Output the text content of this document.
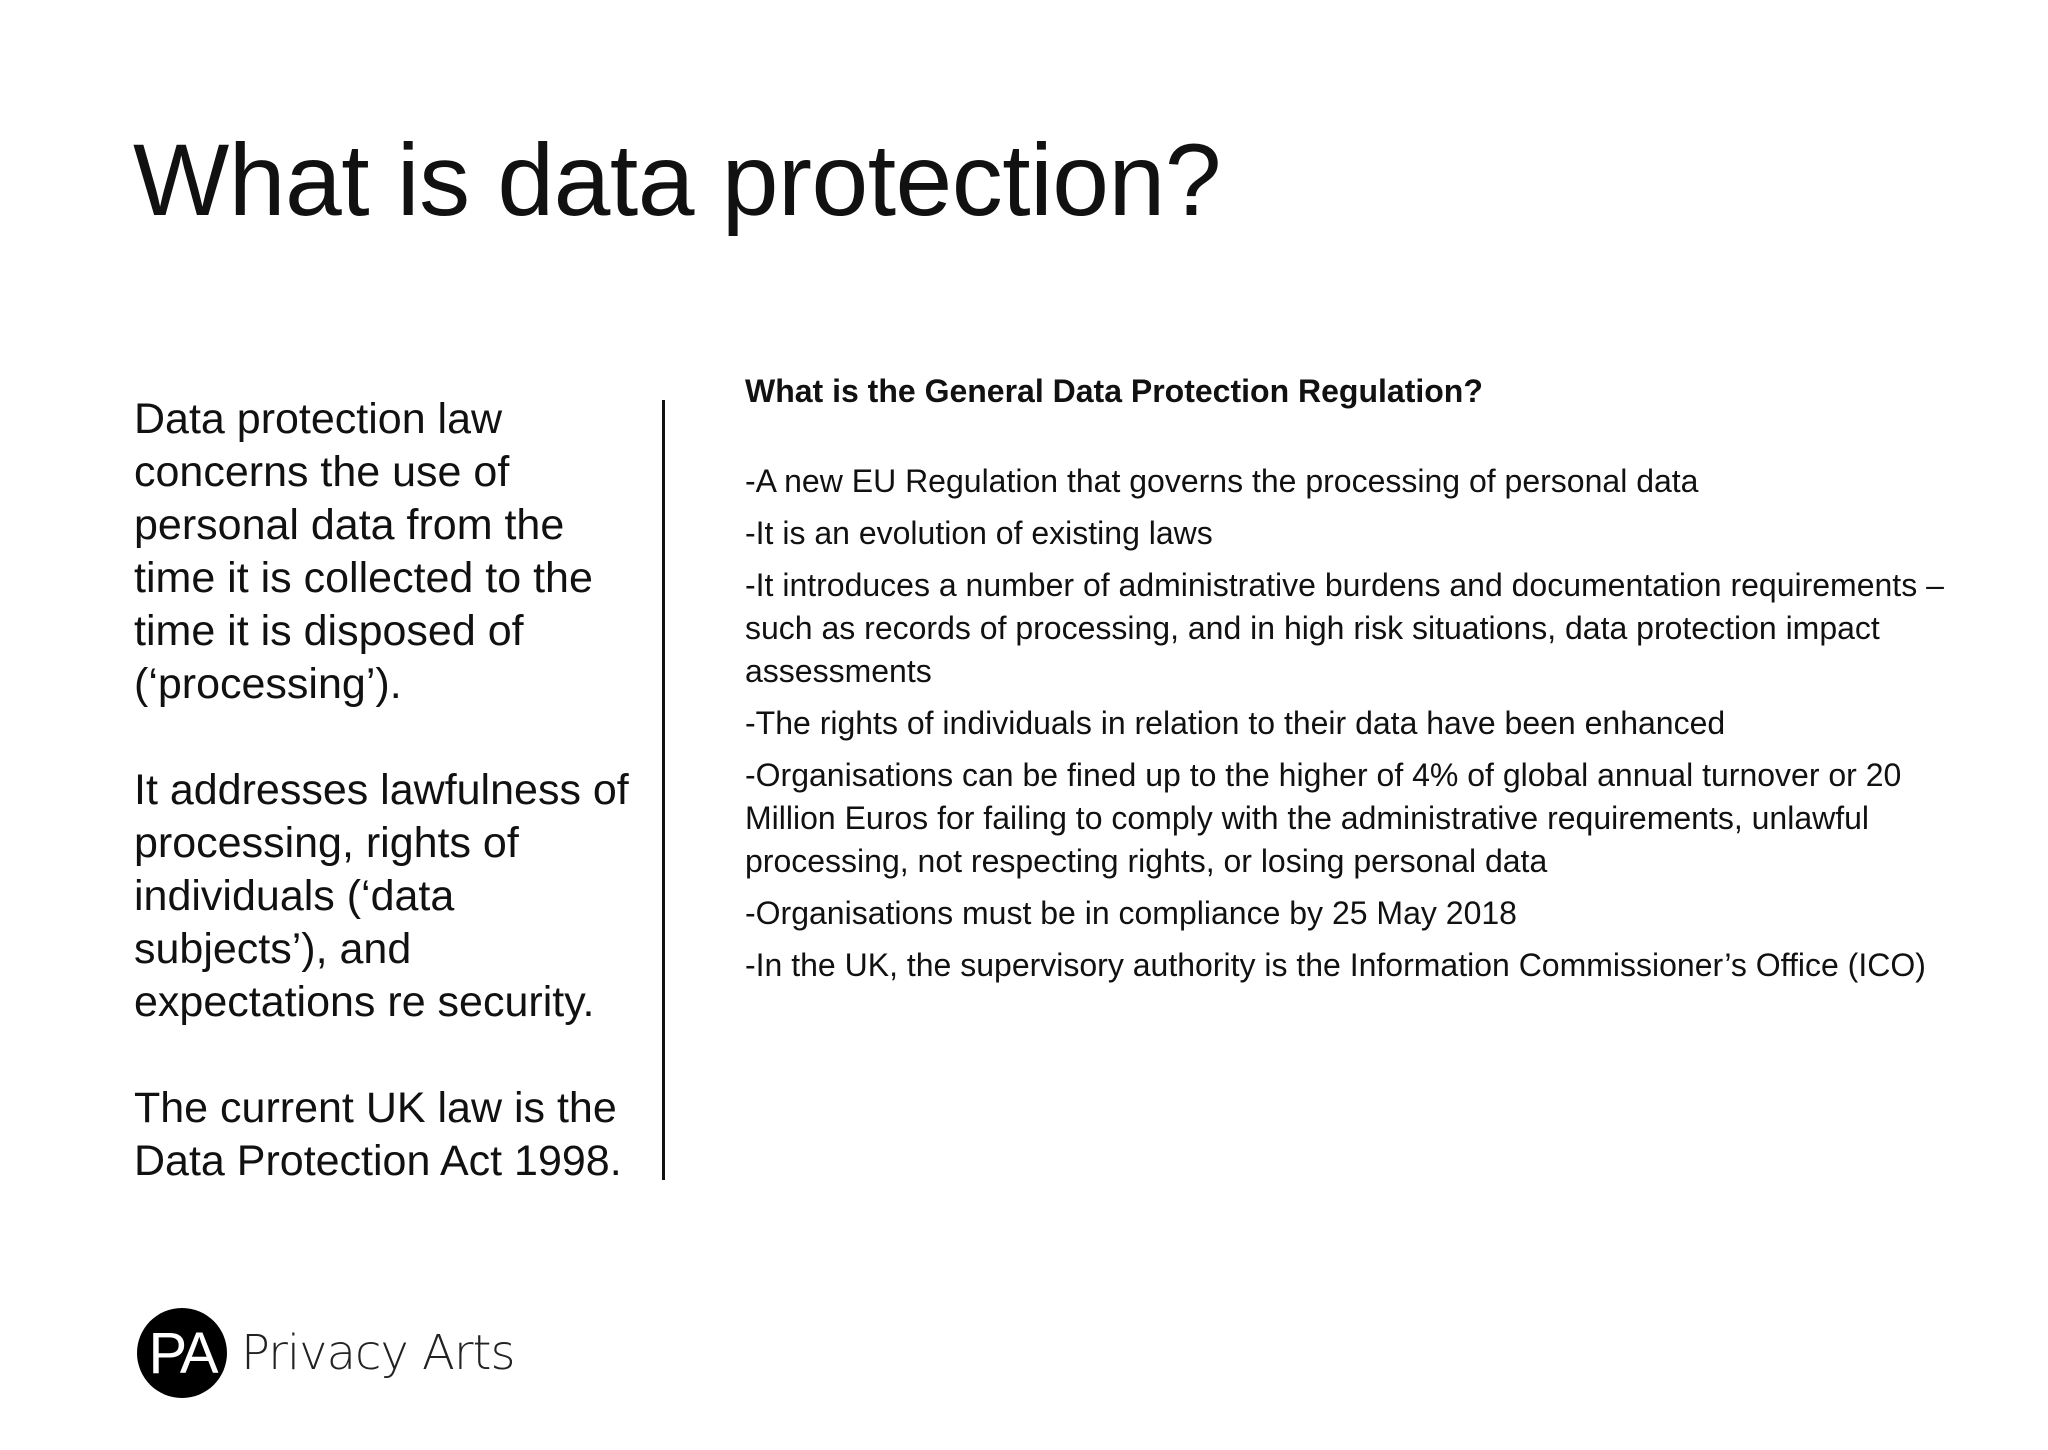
What is data protection?

Data protection law concerns the use of personal data from the time it is collected to the time it is disposed of (‘processing’).

It addresses lawfulness of processing, rights of individuals (‘data subjects’), and expectations re security.

The current UK law is the Data Protection Act 1998.

What is the General Data Protection Regulation?
-A new EU Regulation that governs the processing of personal data
-It is an evolution of existing laws
-It introduces a number of administrative burdens and documentation requirements – such as records of processing, and in high risk situations, data protection impact assessments
-The rights of individuals in relation to their data have been enhanced
-Organisations can be fined up to the higher of 4% of global annual turnover or 20 Million Euros for failing to comply with the administrative requirements, unlawful processing, not respecting rights, or losing personal data
-Organisations must be in compliance by 25 May 2018
-In the UK, the supervisory authority is the Information Commissioner’s Office (ICO)
PA Privacy Arts
